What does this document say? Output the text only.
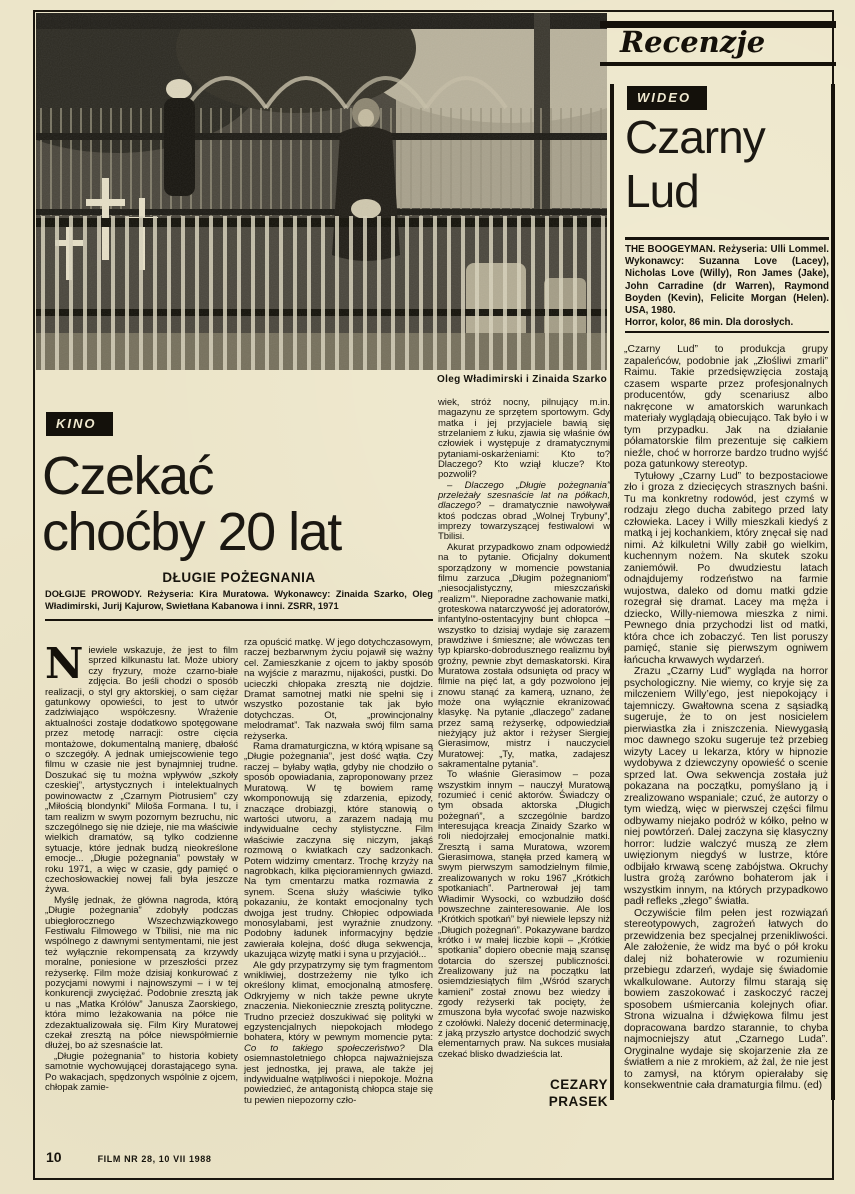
Oleg Władimirski i Zinaida Szarko
Recenzje
WIDEO
Czarny
Lud
THE BOOGEYMAN. Reżyseria: Ulli Lommel. Wykonawcy: Suzanna Love (Lacey), Nicholas Love (Willy), Ron James (Jake), John Carradine (dr Warren), Raymond Boyden (Kevin), Felicite Morgan (Helen). USA, 1980.
Horror, kolor, 86 min. Dla dorosłych.

„Czarny Lud” to produkcja grupy zapaleńców, podobnie jak „Złośliwi zmarli” Raimu. Takie przedsięwzięcia zostają czasem wsparte przez profesjonalnych producentów, gdy scenariusz albo nakręcone w amatorskich warunkach materiały wyglądają obiecująco. Tak było i w tym przypadku. Jak na działanie półamatorskie film prezentuje się całkiem nieźle, choć w horrorze bardzo trudno wyjść poza gatunkowy stereotyp.

Tytułowy „Czarny Lud” to bezpostaciowe zło i groza z dziecięcych strasznych baśni. Tu ma konkretny rodowód, jest czymś w rodzaju złego ducha zabitego przed laty człowieka. Lacey i Willy mieszkali kiedyś z matką i jej kochankiem, który znęcał się nad nimi. Aż kilkuletni Willy zabił go wielkim, kuchennym nożem. Na skutek szoku zaniemówił. Po dwudziestu latach odnajdujemy rodzeństwo na farmie wujostwa, daleko od domu matki gdzie rozegrał się dramat. Lacey ma męża i dziecko, Willy-niemowa mieszka z nimi. Pewnego dnia przychodzi list od matki, która chce ich zobaczyć. Ten list poruszy pamięć, stanie się pierwszym ogniwem łańcucha krwawych wydarzeń.

Zrazu „Czarny Lud” wygląda na horror psychologiczny. Nie wiemy, co kryje się za milczeniem Willy’ego, jest niepokojący i tajemniczy. Gwałtowna scena z sąsiadką sugeruje, że to on jest nosicielem pierwiastka zła i zniszczenia. Niewygasłą moc dawnego szoku sugeruje też przebieg wizyty Lacey u lekarza, który w hipnozie wydobywa z dziewczyny opowieść o scenie sprzed lat. Owa sekwencja została już pokazana na początku, pomyślano ją i zrealizowano wspaniale; czuć, że autorzy o tym wiedzą, więc w pierwszej części filmu odbywamy niejako podróż w kółko, pełno w niej powtórzeń. Dalej zaczyna się klasyczny horror: ludzie walczyć muszą ze złem uwięzionym niegdyś w lustrze, które odbijało krwawą scenę zabójstwa. Okruchy lustra grożą zarówno bohaterom jak i wszystkim innym, na których przypadkowo padł refleks „złego” światła.

Oczywiście film pełen jest rozwiązań stereotypowych, zagrożeń łatwych do przewidzenia bez specjalnej przenikliwości. Ale założenie, że widz ma być o pół kroku dalej niż bohaterowie w rozumieniu przebiegu zdarzeń, wydaje się świadomie wkalkulowane. Autorzy filmu starają się bowiem zaszokować i zaskoczyć raczej sposobem uśmiercania kolejnych ofiar. Strona wizualna i dźwiękowa filmu jest dopracowana bardzo starannie, to chyba najmocniejszy atut „Czarnego Luda”. Oryginalne wydaje się skojarzenie zła ze światłem a nie z mrokiem, aż żal, że nie jest to zamysł, na którym opierałaby się konsekwentnie cała dramaturgia filmu. (ed)

KINO
Czekać
choćby 20 lat
DŁUGIE POŻEGNANIA

DOŁGIJE PROWODY. Reżyseria: Kira Muratowa. Wykonawcy: Zinaida Szarko, Oleg Władimirski, Jurij Kajurow, Swietłana Kabanowa i inni. ZSRR, 1971

Niewiele wskazuje, że jest to film sprzed kilkunastu lat. Może ubiory czy fryzury, może czarno-białe zdjęcia. Bo jeśli chodzi o sposób realizacji, o styl gry aktorskiej, o sam ciężar gatunkowy opowieści, to jest to utwór zadziwiająco współczesny. Wrażenie aktualności zostaje dodatkowo spotęgowane przez metodę narracji: ostre cięcia montażowe, dokumentalną manierę, dbałość o szczegóły. A jednak umiejscowienie tego filmu w czasie nie jest bynajmniej trudne. Doszukać się tu można wpływów „szkoły czeskiej”, artystycznych i intelektualnych powinowactw z „Czarnym Piotrusiem” czy „Miłością blondynki” Miloša Formana. I tu, i tam realizm w swym pozornym bezruchu, nic szczególnego się nie dzieje, nie ma właściwie wielkich dramatów, są tylko codzienne sytuacje, które jednak budzą nieokreślone emocje... „Długie pożegnania” powstały w roku 1971, a więc w czasie, gdy pamięć o czechosłowackiej nowej fali była jeszcze żywa.

Myślę jednak, że główna nagroda, którą „Długie pożegnania” zdobyły podczas ubiegłorocznego Wszechzwiązkowego Festiwalu Filmowego w Tbilisi, nie ma nic wspólnego z dawnymi sentymentami, nie jest też wyłącznie rekompensatą za krzywdy moralne, poniesione w przeszłości przez reżyserkę. Film może dzisiaj konkurować z pozycjami nowymi i najnowszymi – i w tej konkurencji zwyciężać. Podobnie zresztą jak u nas „Matka Królów” Janusza Zaorskiego, która mimo leżakowania na półce nie zdezaktualizowała się. Film Kiry Muratowej czekał zresztą na półce niewspółmiernie dłużej, bo aż szesnaście lat.

„Długie pożegnania” to historia kobiety samotnie wychowującej dorastającego syna. Po wakacjach, spędzonych wspólnie z ojcem, chłopak zamie-

rza opuścić matkę. W jego dotychczasowym, raczej bezbarwnym życiu pojawił się ważny cel. Zamieszkanie z ojcem to jakby sposób na wyjście z marazmu, nijakości, pustki. Do ucieczki chłopaka zresztą nie dojdzie. Dramat samotnej matki nie spełni się i wszystko pozostanie tak jak było dotychczas. Ot, „prowincjonalny melodramat”. Tak nazwała swój film sama reżyserka.

Rama dramaturgiczna, w którą wpisane są „Długie pożegnania”, jest dość wątła. Czy raczej – byłaby wątła, gdyby nie chodziło o sposób opowiadania, zaproponowany przez Muratową. W tę bowiem ramę wkomponowują się zdarzenia, epizody, znaczące drobiazgi, które stanowią o wartości utworu, a zarazem nadają mu indywidualne cechy stylistyczne. Film właściwie zaczyna się niczym, jakąś rozmową o kwiatkach czy sadzonkach. Potem widzimy cmentarz. Trochę krzyży na nagrobkach, kilka pięcioramiennych gwiazd. Na tym cmentarzu matka rozmawia z synem. Scena służy właściwie tylko pokazaniu, że kontakt emocjonalny tych dwojga jest trudny. Chłopiec odpowiada monosylabami, jest wyraźnie znudzony. Podobny ładunek informacyjny będzie zawierała kolejna, dość długa sekwencja, ukazująca wizytę matki i syna u przyjaciół...

Ale gdy przypatrzymy się tym fragmentom wnikliwiej, dostrzeżemy nie tylko ich określony klimat, emocjonalną atmosferę. Odkryjemy w nich także pewne ukryte znaczenia. Niekoniecznie zresztą polityczne. Trudno przecież doszukiwać się polityki w egzystencjalnych niepokojach młodego bohatera, który w pewnym momencie pyta: Co to takiego społeczeństwo? Dla osiemnastoletniego chłopca najważniejsza jest jednostka, jej prawa, ale także jej indywidualne wątpliwości i niepokoje. Można powiedzieć, że antagonistą chłopca staje się tu pewien niepozorny czło-

wiek, stróż nocny, pilnujący m.in. magazynu ze sprzętem sportowym. Gdy matka i jej przyjaciele bawią się strzelaniem z łuku, zjawia się właśnie ów człowiek i występuje z dramatycznymi pytaniami-oskarżeniami: Kto to? Dlaczego? Kto wziął klucze? Kto pozwolił?

– Dlaczego „Długie pożegnania” przeleżały szesnaście lat na półkach, dlaczego? – dramatycznie nawoływał ktoś podczas obrad „Wolnej Trybuny”, imprezy towarzyszącej festiwalowi w Tbilisi.

Akurat przypadkowo znam odpowiedź na to pytanie. Oficjalny dokument sporządzony w momencie powstania filmu zarzuca „Długim pożegnaniom” „niesocjalistyczny, mieszczański ‚realizm’”. Nieporadne zachowanie matki, groteskowa natarczywość jej adoratorów, infantylno-ostentacyjny bunt chłopca – wszystko to dzisiaj wydaje się zarazem prawdziwe i śmieszne; ale wówczas ten typ kpiarsko-dobrodusznego realizmu był groźny, pewnie zbyt demaskatorski. Kira Muratowa została odsunięta od pracy w filmie na pięć lat, a gdy pozwolono jej znowu stanąć za kamerą, uznano, że może ona wyłącznie ekranizować klasykę. Na pytanie „dlaczego” zadane przez samą reżyserkę, odpowiedział nieżyjący już aktor i reżyser Siergiej Gierasimow, mistrz i nauczyciel Muratowej: „Ty, matka, zadajesz sakramentalne pytania”.

To właśnie Gierasimow – poza wszystkim innym – nauczył Muratową rozumieć i cenić aktorów. Świadczy o tym obsada aktorska „Długich pożegnań”, a szczególnie bardzo interesująca kreacja Zinaidy Szarko w roli niedojrzałej emocjonalnie matki. Zresztą i sama Muratowa, wzorem Gierasimowa, stanęła przed kamerą w swym pierwszym samodzielnym filmie, zrealizowanych w roku 1967 „Krótkich spotkaniach”. Partnerował jej tam Władimir Wysocki, co wzbudziło dość powszechne zainteresowanie. Ale los „Krótkich spotkań” był niewiele lepszy niż „Długich pożegnań”. Pokazywane bardzo krótko i w małej liczbie kopii – „Krótkie spotkania” dopiero obecnie mają szansę dotarcia do szerszej publiczności. Zrealizowany już na początku lat osiemdziesiątych film „Wśród szarych kamieni” został znowu bez wiedzy i zgody reżyserki tak pocięty, że zmuszona była wycofać swoje nazwisko z czołówki. Należy docenić determinację, z jaką przyszło artystce dochodzić swych elementarnych praw. Na sukces musiała czekać blisko dwadzieścia lat.

CEZARY PRASEK
10	FILM NR 28, 10 VII 1988
